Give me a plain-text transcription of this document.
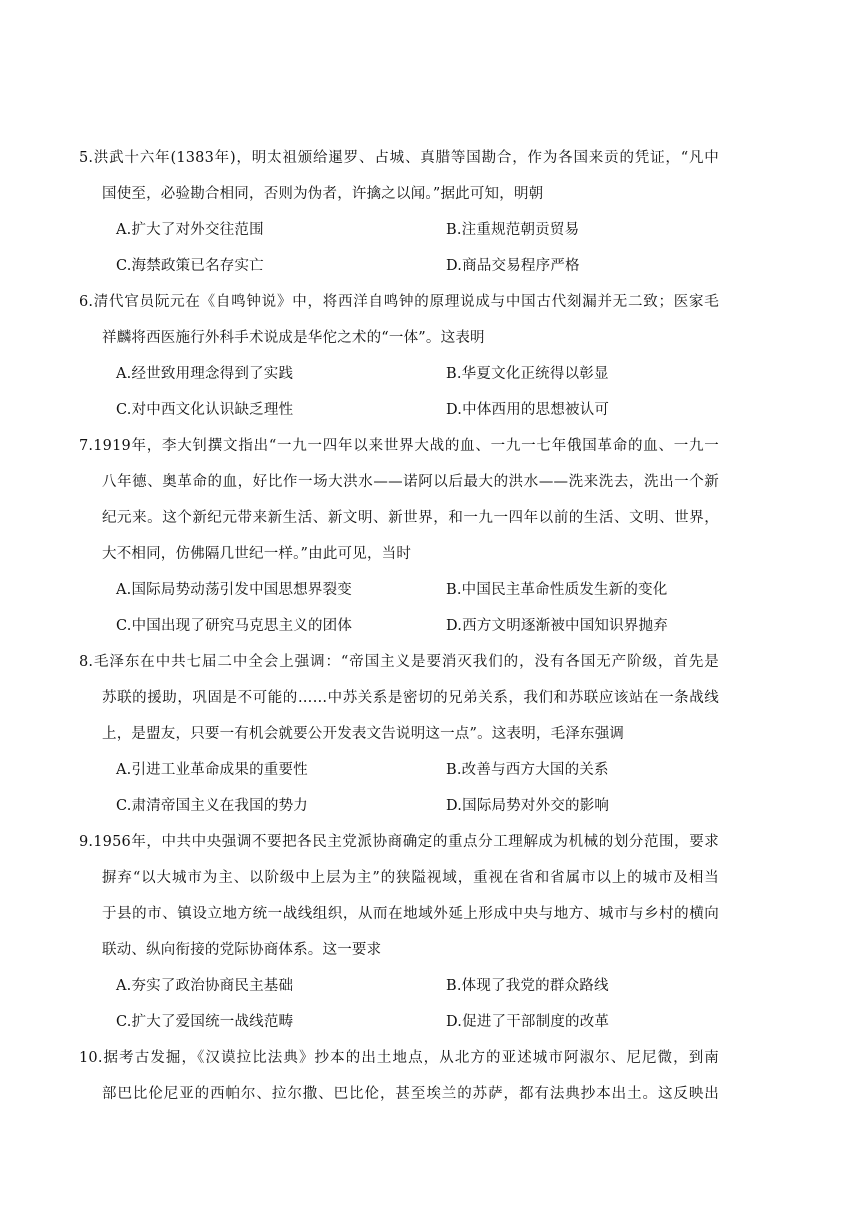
5.洪武十六年(1383年)，明太祖颁给暹罗、占城、真腊等国勘合，作为各国来贡的凭证，“凡中
国使至，必验勘合相同，否则为伪者，许擒之以闻。”据此可知，明朝
A.扩大了对外交往范围	B.注重规范朝贡贸易
C.海禁政策已名存实亡	D.商品交易程序严格
6.清代官员阮元在《自鸣钟说》中，将西洋自鸣钟的原理说成与中国古代刻漏并无二致；医家毛
祥麟将西医施行外科手术说成是华佗之术的“一体”。这表明
A.经世致用理念得到了实践	B.华夏文化正统得以彰显
C.对中西文化认识缺乏理性	D.中体西用的思想被认可
7.1919年，李大钊撰文指出“一九一四年以来世界大战的血、一九一七年俄国革命的血、一九一
八年德、奥革命的血，好比作一场大洪水——诺阿以后最大的洪水——洗来洗去，洗出一个新
纪元来。这个新纪元带来新生活、新文明、新世界，和一九一四年以前的生活、文明、世界，
大不相同，仿佛隔几世纪一样。”由此可见，当时
A.国际局势动荡引发中国思想界裂变	B.中国民主革命性质发生新的变化
C.中国出现了研究马克思主义的团体	D.西方文明逐渐被中国知识界抛弃
8.毛泽东在中共七届二中全会上强调：“帝国主义是要消灭我们的，没有各国无产阶级，首先是
苏联的援助，巩固是不可能的……中苏关系是密切的兄弟关系，我们和苏联应该站在一条战线
上，是盟友，只要一有机会就要公开发表文告说明这一点”。这表明，毛泽东强调
A.引进工业革命成果的重要性	B.改善与西方大国的关系
C.肃清帝国主义在我国的势力	D.国际局势对外交的影响
9.1956年，中共中央强调不要把各民主党派协商确定的重点分工理解成为机械的划分范围，要求
摒弃“以大城市为主、以阶级中上层为主”的狭隘视域，重视在省和省属市以上的城市及相当
于县的市、镇设立地方统一战线组织，从而在地域外延上形成中央与地方、城市与乡村的横向
联动、纵向衔接的党际协商体系。这一要求
A.夯实了政治协商民主基础	B.体现了我党的群众路线
C.扩大了爱国统一战线范畴	D.促进了干部制度的改革
10.据考古发掘，《汉谟拉比法典》抄本的出土地点，从北方的亚述城市阿淑尔、尼尼微，到南
部巴比伦尼亚的西帕尔、拉尔撒、巴比伦，甚至埃兰的苏萨，都有法典抄本出土。这反映出
